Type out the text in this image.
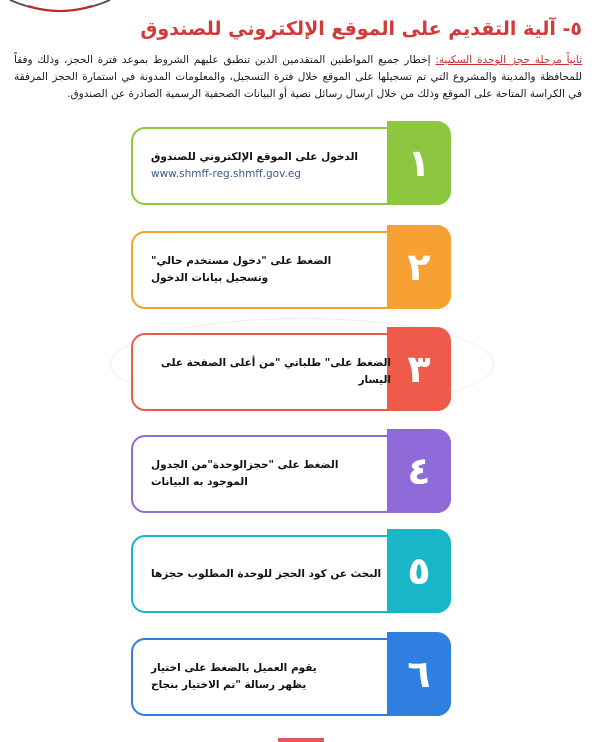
٥- آلية التقديم على الموقع الإلكتروني للصندوق

ثانياً مرحلة حجز الوحدة السكنية: إخطار جميع المواطنين المتقدمين الذين تنطبق عليهم الشروط بموعد فترة الحجز، وذلك وفقاً للمحافظة والمدينة والمشروع التي تم تسجيلها على الموقع خلال فترة التسجيل، والمعلومات المدونة في استمارة الحجز المرفقة في الكراسة المتاحة على الموقع وذلك من خلال ارسال رسائل نصية أو البيانات الصحفية الرسمية الصادرة عن الصندوق.

١
الدخول على الموقع الإلكتروني للصندوق
www.shmff-reg.shmff.gov.eg
٢
الضغط على "دخول مستخدم حالي"
وتسجيل بيانات الدخول
٣
الضغط على" طلباتي "من أعلى الصفحة على اليسار
٤
الضغط على "حجزالوحدة"من الجدول
الموجود به البيانات
٥
البحث عن كود الحجز للوحدة المطلوب حجزها
٦
يقوم العميل بالضغط على اختيار
يظهر رسالة "تم الاختيار بنجاح
